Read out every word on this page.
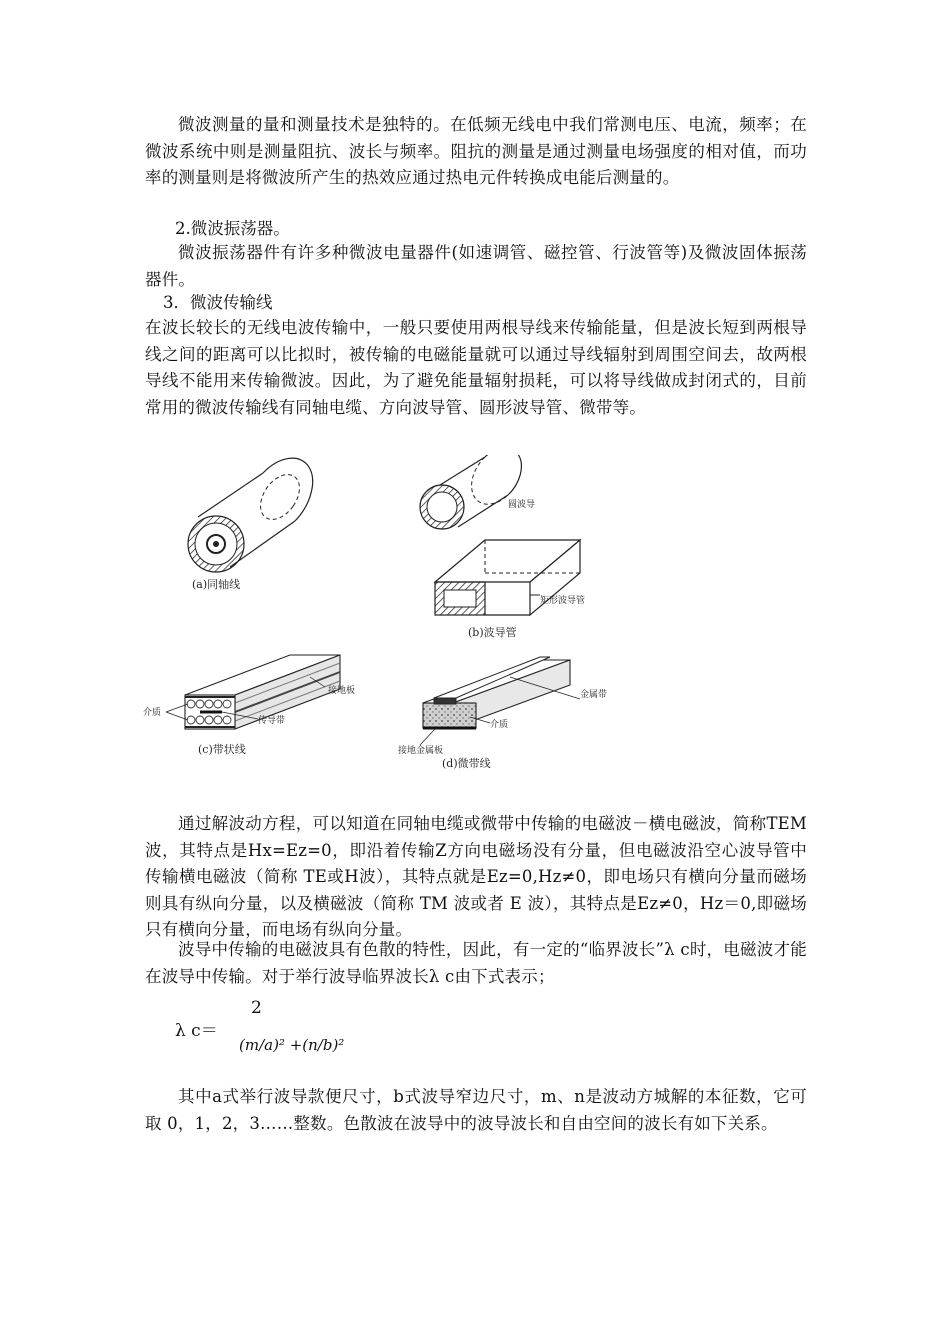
微波测量的量和测量技术是独特的。在低频无线电中我们常测电压、电流，频率；在微波系统中则是测量阻抗、波长与频率。阻抗的测量是通过测量电场强度的相对值，而功率的测量则是将微波所产生的热效应通过热电元件转换成电能后测量的。
2.微波振荡器。
微波振荡器件有许多种微波电量器件(如速调管、磁控管、行波管等)及微波固体振荡器件。
3．微波传输线
在波长较长的无线电波传输中，一般只要使用两根导线来传输能量，但是波长短到两根导线之间的距离可以比拟时，被传输的电磁能量就可以通过导线辐射到周围空间去，故两根导线不能用来传输微波。因此，为了避免能量辐射损耗，可以将导线做成封闭式的，目前常用的微波传输线有同轴电缆、方向波导管、圆形波导管、微带等。
(a)同轴线
圆波导
矩形波导管
(b)波导管
介质
接地板
传导带
(c)带状线
金属带
介质
接地金属板
(d)微带线
通过解波动方程，可以知道在同轴电缆或微带中传输的电磁波－横电磁波，简称TEM波，其特点是Hx=Ez=0，即沿着传输Z方向电磁场没有分量，但电磁波沿空心波导管中传输横电磁波（简称 TE或H波），其特点就是Ez=0,Hz≠0，即电场只有横向分量而磁场则具有纵向分量，以及横磁波（简称 TM 波或者 E 波），其特点是Ez≠0，Hz＝0,即磁场只有横向分量，而电场有纵向分量。
波导中传输的电磁波具有色散的特性，因此，有一定的“临界波长”λ c时，电磁波才能在波导中传输。对于举行波导临界波长λ c由下式表示；
λ c＝
2
(m/a)² +(n/b)²
其中a式举行波导款便尺寸，b式波导窄边尺寸，m、n是波动方城解的本征数，它可取 0，1，2，3……整数。色散波在波导中的波导波长和自由空间的波长有如下关系。
